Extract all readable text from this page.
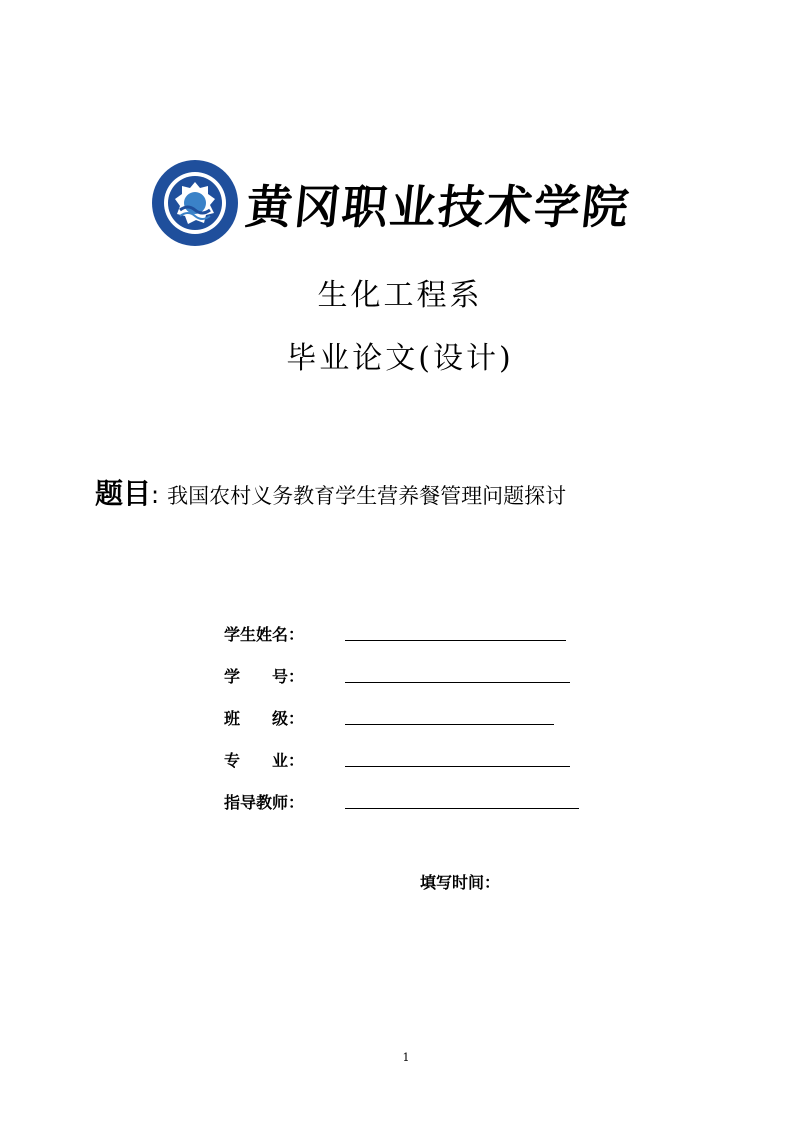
黄冈职业技术学院
生化工程系
毕业论文(设计)
题目: 我国农村义务教育学生营养餐管理问题探讨
学生姓名：
学　　号：
班　　级：
专　　业：
指导教师：
填写时间：
1
